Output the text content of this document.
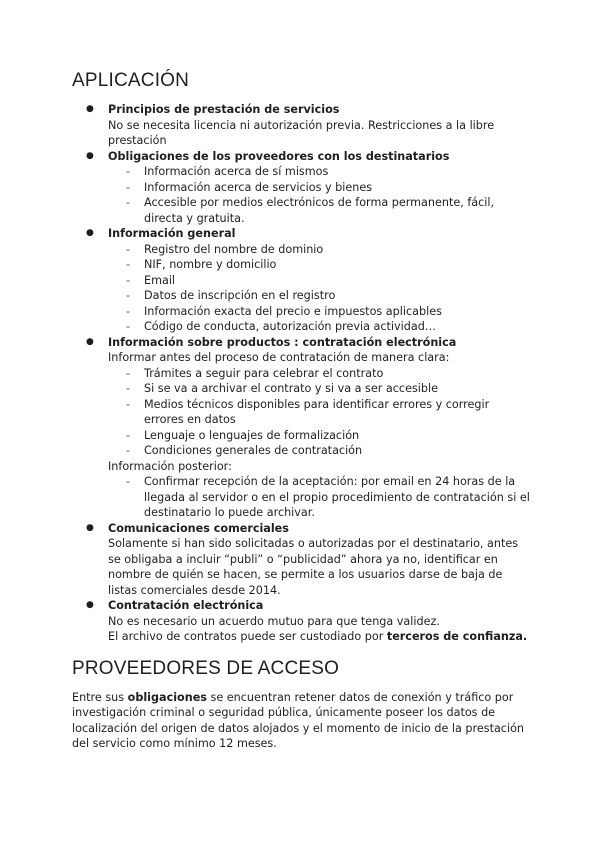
APLICACIÓN
● Principios de prestación de servicios
No se necesita licencia ni autorización previa. Restricciones a la libre prestación
● Obligaciones de los proveedores con los destinatarios
- Información acerca de sí mismos
- Información acerca de servicios y bienes
- Accesible por medios electrónicos de forma permanente, fácil, directa y gratuita.
● Información general
- Registro del nombre de dominio
- NIF, nombre y domicilio
- Email
- Datos de inscripción en el registro
- Información exacta del precio e impuestos aplicables
- Código de conducta, autorización previa actividad…
● Información sobre productos : contratación electrónica
Informar antes del proceso de contratación de manera clara:
- Trámites a seguir para celebrar el contrato
- Si se va a archivar el contrato y si va a ser accesible
- Medios técnicos disponibles para identificar errores y corregir errores en datos
- Lenguaje o lenguajes de formalización
- Condiciones generales de contratación
Información posterior:
- Confirmar recepción de la aceptación: por email en 24 horas de la llegada al servidor o en el propio procedimiento de contratación si el destinatario lo puede archivar.
● Comunicaciones comerciales
Solamente si han sido solicitadas o autorizadas por el destinatario, antes se obligaba a incluir “publi” o “publicidad” ahora ya no, identificar en nombre de quién se hacen, se permite a los usuarios darse de baja de listas comerciales desde 2014.
● Contratación electrónica
No es necesario un acuerdo mutuo para que tenga validez.
El archivo de contratos puede ser custodiado por terceros de confianza.
PROVEEDORES DE ACCESO

Entre sus obligaciones se encuentran retener datos de conexión y tráfico por investigación criminal o seguridad pública, únicamente poseer los datos de localización del origen de datos alojados y el momento de inicio de la prestación del servicio como mínimo 12 meses.
